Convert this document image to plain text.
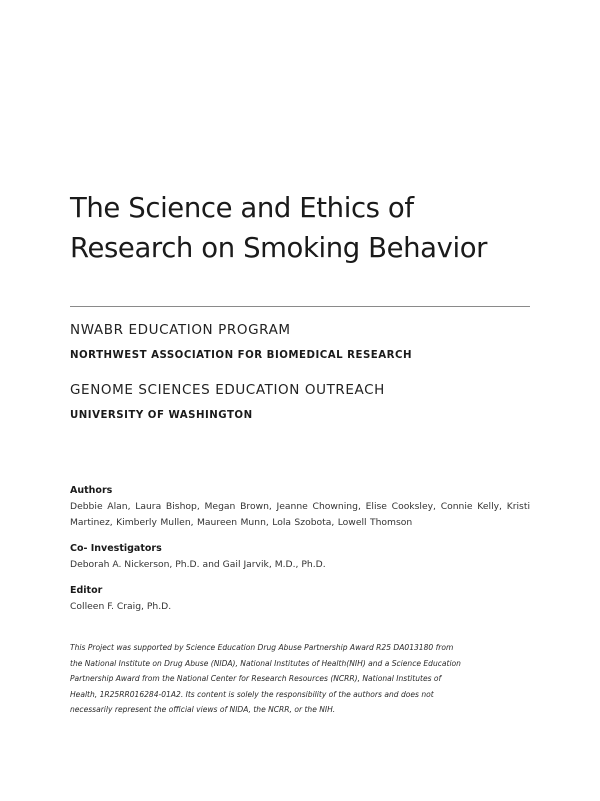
The Science and Ethics of
Research on Smoking Behavior
NWABR EDUCATION PROGRAM
NORTHWEST ASSOCIATION FOR BIOMEDICAL RESEARCH
GENOME SCIENCES EDUCATION OUTREACH
UNIVERSITY OF WASHINGTON
Authors
Debbie Alan, Laura Bishop, Megan Brown, Jeanne Chowning, Elise Cooksley, Connie Kelly, Kristi Martinez, Kimberly Mullen, Maureen Munn, Lola Szobota, Lowell Thomson
Co- Investigators
Deborah A. Nickerson, Ph.D. and Gail Jarvik, M.D., Ph.D.
Editor
Colleen F. Craig, Ph.D.

This Project was supported by Science Education Drug Abuse Partnership Award R25 DA013180 from
the National Institute on Drug Abuse (NIDA), National Institutes of Health(NIH) and a Science Education
Partnership Award from the National Center for Research Resources (NCRR), National Institutes of
Health, 1R25RR016284-01A2. Its content is solely the responsibility of the authors and does not
necessarily represent the official views of NIDA, the NCRR, or the NIH.
